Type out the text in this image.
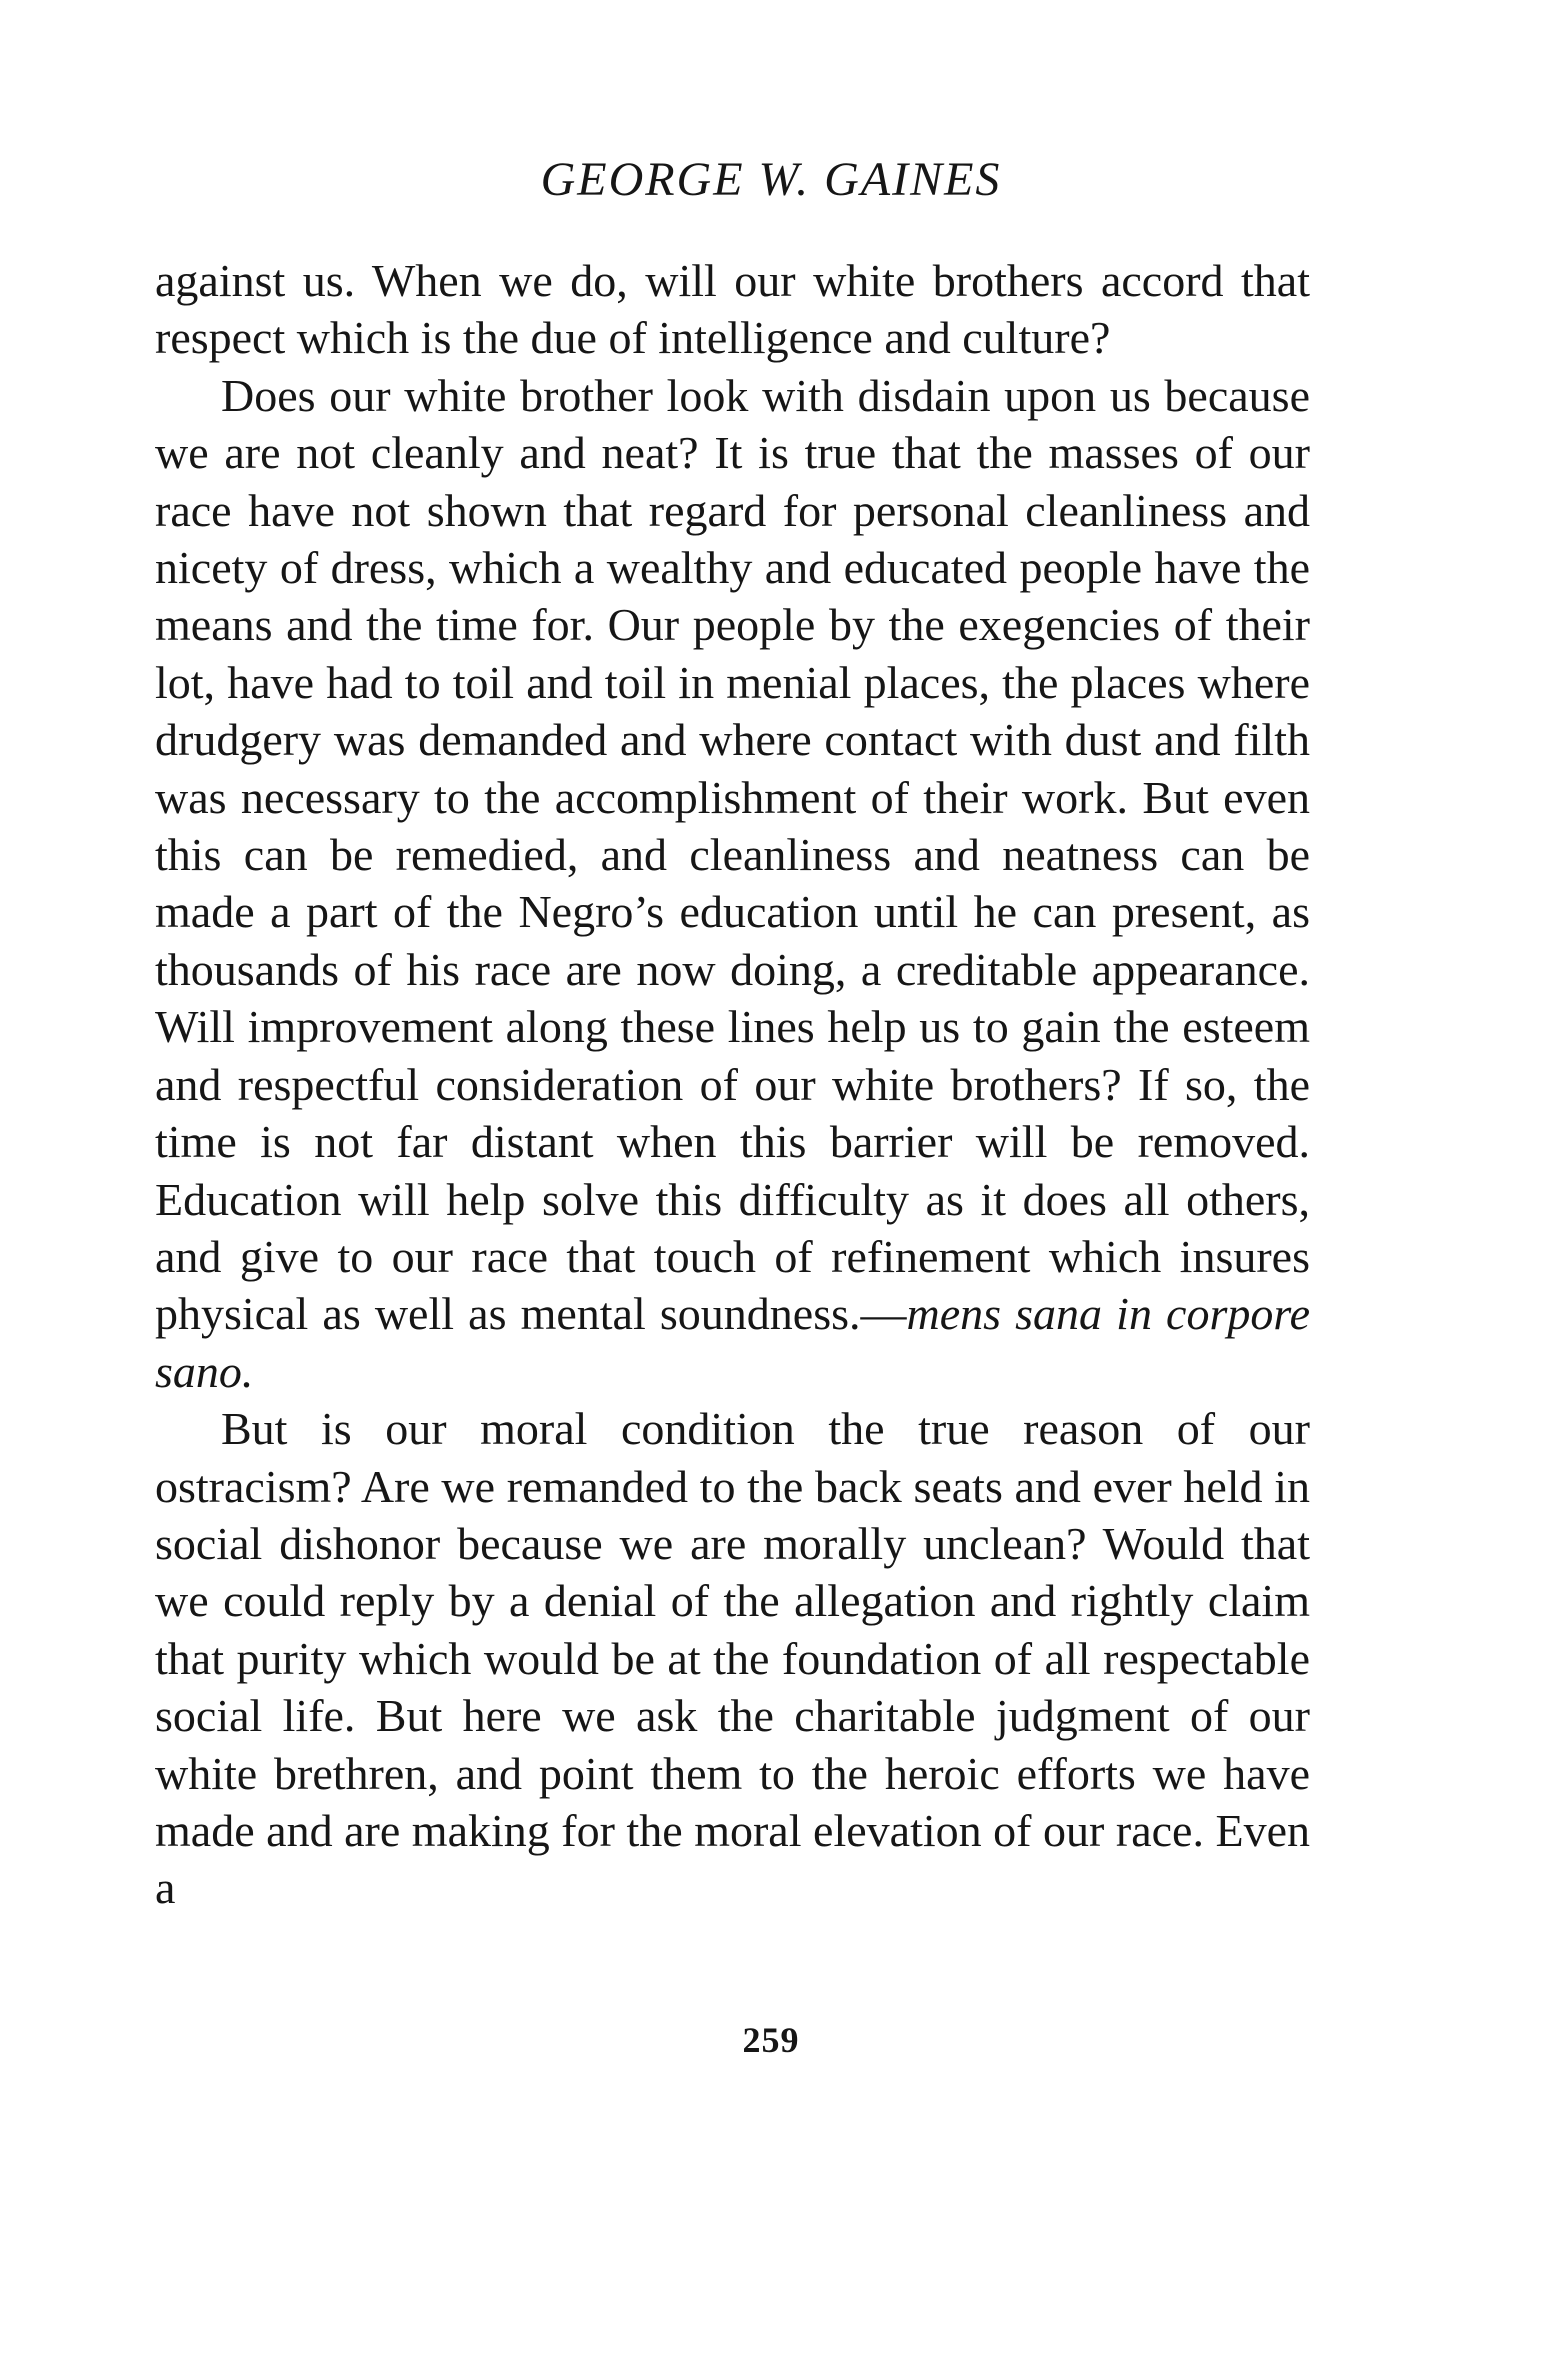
GEORGE W. GAINES

against us. When we do, will our white brothers accord that respect which is the due of intelligence and culture?

Does our white brother look with disdain upon us because we are not cleanly and neat? It is true that the masses of our race have not shown that regard for personal cleanliness and nicety of dress, which a wealthy and educated people have the means and the time for. Our people by the exegencies of their lot, have had to toil and toil in menial places, the places where drudgery was demanded and where contact with dust and filth was necessary to the accomplishment of their work. But even this can be remedied, and cleanliness and neatness can be made a part of the Negro’s education until he can present, as thousands of his race are now doing, a creditable appearance. Will improvement along these lines help us to gain the esteem and respectful consideration of our white brothers? If so, the time is not far distant when this barrier will be removed. Education will help solve this difficulty as it does all others, and give to our race that touch of refinement which insures physical as well as mental soundness.—mens sana in corpore sano.

But is our moral condition the true reason of our ostracism? Are we remanded to the back seats and ever held in social dishonor because we are morally unclean? Would that we could reply by a denial of the allegation and rightly claim that purity which would be at the foundation of all respectable social life. But here we ask the charitable judgment of our white brethren, and point them to the heroic efforts we have made and are making for the moral elevation of our race. Even a

259
